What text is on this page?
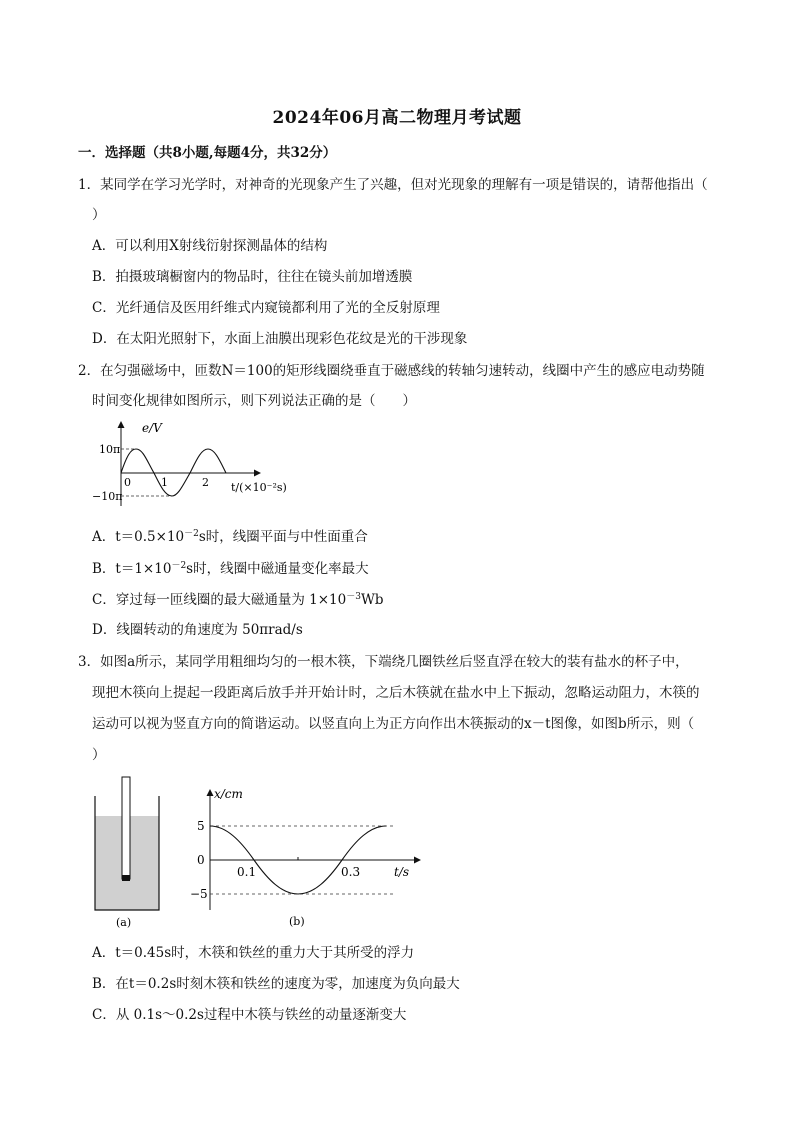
2024年06月高二物理月考试题
一．选择题（共8小题,每题4分，共32分）
1．某同学在学习光学时，对神奇的光现象产生了兴趣，但对光现象的理解有一项是错误的，请帮他指出（
）
A．可以利用X射线衍射探测晶体的结构
B．拍摄玻璃橱窗内的物品时，往往在镜头前加增透膜
C．光纤通信及医用纤维式内窥镜都利用了光的全反射原理
D．在太阳光照射下，水面上油膜出现彩色花纹是光的干涉现象
2．在匀强磁场中，匝数N＝100的矩形线圈绕垂直于磁感线的转轴匀速转动，线圈中产生的感应电动势随
时间变化规律如图所示，则下列说法正确的是（　　）
e/V
10π
−10π
0	1	2 t/(×10⁻²s)
A．$t=0.5\times 10^{-2}s$时，线圈平面与中性面重合
B．$t=1\times 10^{-2}s$时，线圈中磁通量变化率最大
C．穿过每一匝线圈的最大磁通量为 $1\times 10^{-3}Wb$
D．线圈转动的角速度为 50πrad/s
3．如图a所示，某同学用粗细均匀的一根木筷，下端绕几圈铁丝后竖直浮在较大的装有盐水的杯子中，
现把木筷向上提起一段距离后放手并开始计时，之后木筷就在盐水中上下振动，忽略运动阻力，木筷的
运动可以视为竖直方向的简谐运动。以竖直向上为正方向作出木筷振动的x－t图像，如图b所示，则（
）
(a)
x/cm
5
0
−5
0.1	0.3	t/s
(b)
A．t＝0.45s时，木筷和铁丝的重力大于其所受的浮力
B．在t＝0.2s时刻木筷和铁丝的速度为零，加速度为负向最大
C．从 0.1s～0.2s过程中木筷与铁丝的动量逐渐变大
